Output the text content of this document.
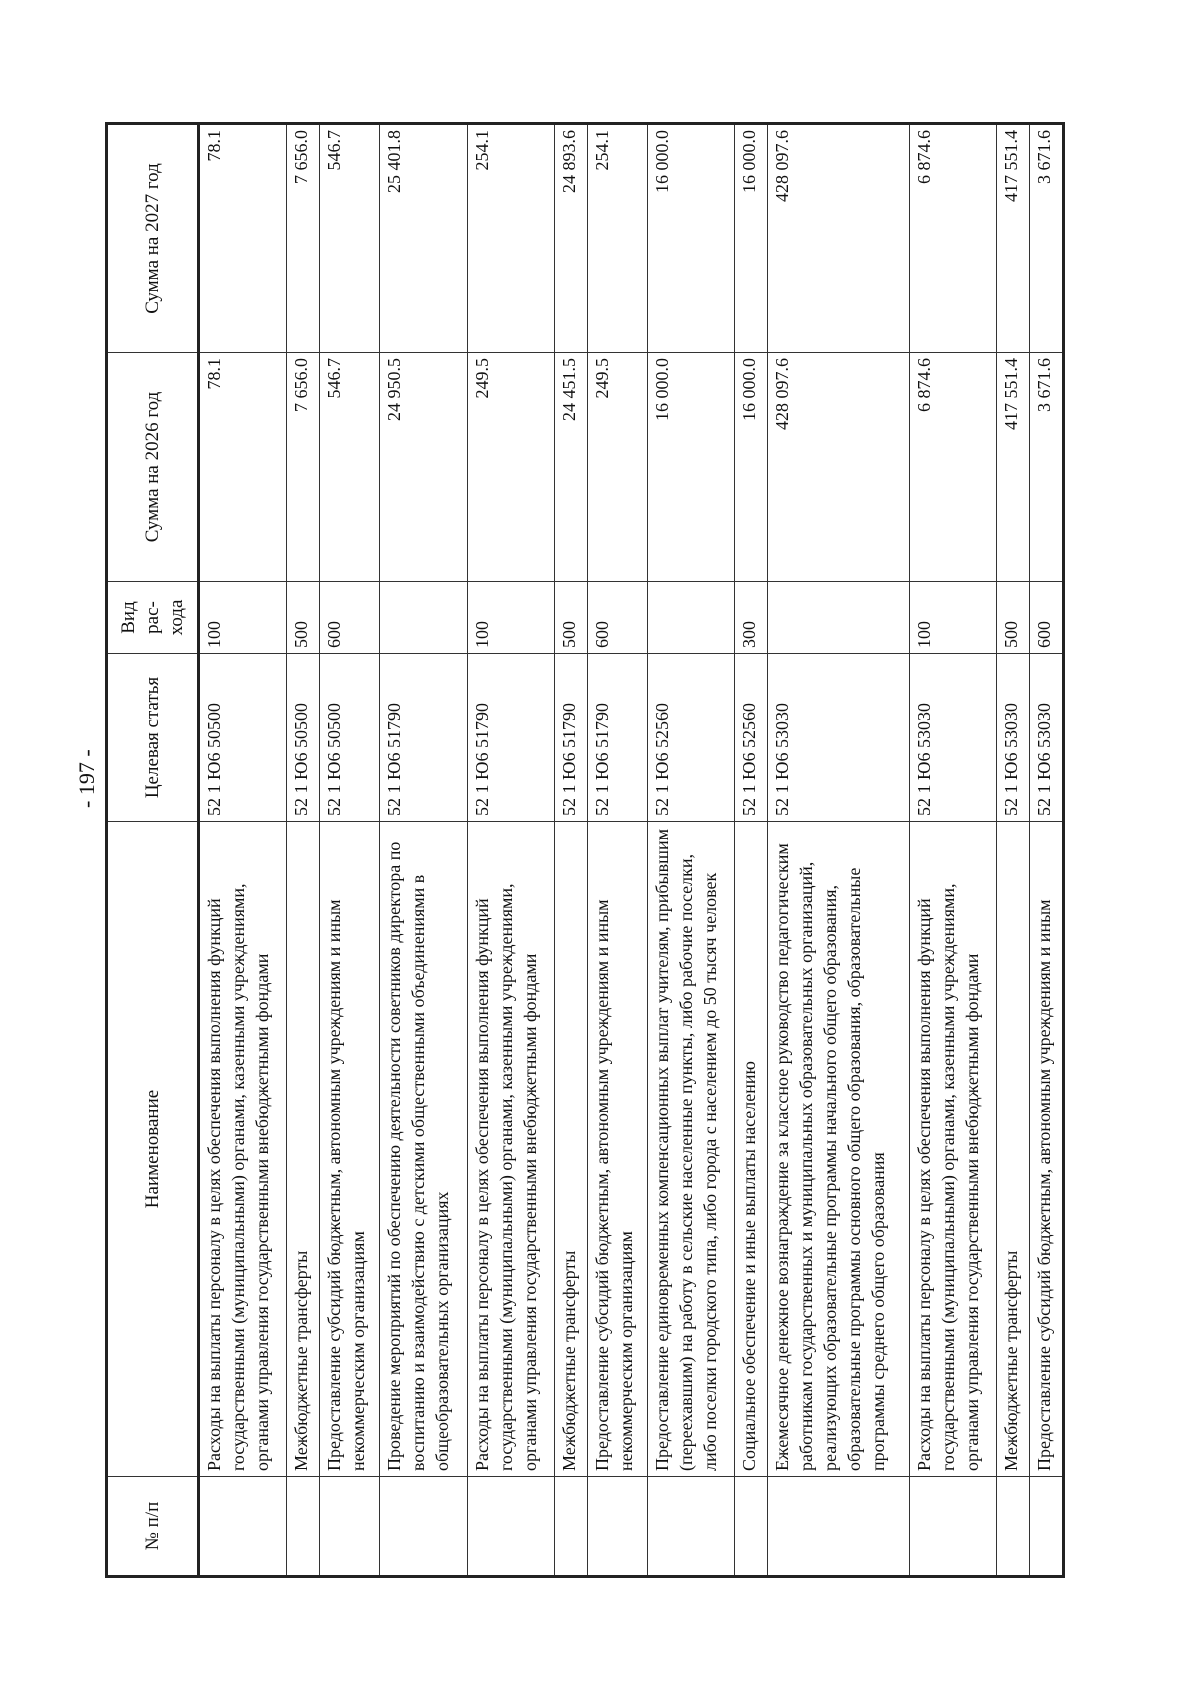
- 197 -
№ п/п	Наименование	Целевая статья	Вид рас-хода	Сумма на 2026 год	Сумма на 2027 год
	Расходы на выплаты персоналу в целях обеспечения выполнения функций государственными (муниципальными) органами, казенными учреждениями, органами управления государственными внебюджетными фондами	52 1 Ю6 50500	100	78.1	78.1
	Межбюджетные трансферты	52 1 Ю6 50500	500	7 656.0	7 656.0
	Предоставление субсидий бюджетным, автономным учреждениям и иным некоммерческим организациям	52 1 Ю6 50500	600	546.7	546.7
	Проведение мероприятий по обеспечению деятельности советников директора по воспитанию и взаимодействию с детскими общественными объединениями в общеобразовательных организациях	52 1 Ю6 51790		24 950.5	25 401.8
	Расходы на выплаты персоналу в целях обеспечения выполнения функций государственными (муниципальными) органами, казенными учреждениями, органами управления государственными внебюджетными фондами	52 1 Ю6 51790	100	249.5	254.1
	Межбюджетные трансферты	52 1 Ю6 51790	500	24 451.5	24 893.6
	Предоставление субсидий бюджетным, автономным учреждениям и иным некоммерческим организациям	52 1 Ю6 51790	600	249.5	254.1
	Предоставление единовременных компенсационных выплат учителям, прибывшим (переехавшим) на работу в сельские населенные пункты, либо рабочие поселки, либо поселки городского типа, либо города с населением до 50 тысяч человек	52 1 Ю6 52560		16 000.0	16 000.0
	Социальное обеспечение и иные выплаты населению	52 1 Ю6 52560	300	16 000.0	16 000.0
	Ежемесячное денежное вознаграждение за классное руководство педагогическим работникам государственных и муниципальных образовательных организаций, реализующих образовательные программы начального общего образования, образовательные программы основного общего образования, образовательные программы среднего общего образования	52 1 Ю6 53030		428 097.6	428 097.6
	Расходы на выплаты персоналу в целях обеспечения выполнения функций государственными (муниципальными) органами, казенными учреждениями, органами управления государственными внебюджетными фондами	52 1 Ю6 53030	100	6 874.6	6 874.6
	Межбюджетные трансферты	52 1 Ю6 53030	500	417 551.4	417 551.4
	Предоставление субсидий бюджетным, автономным учреждениям и иным	52 1 Ю6 53030	600	3 671.6	3 671.6
